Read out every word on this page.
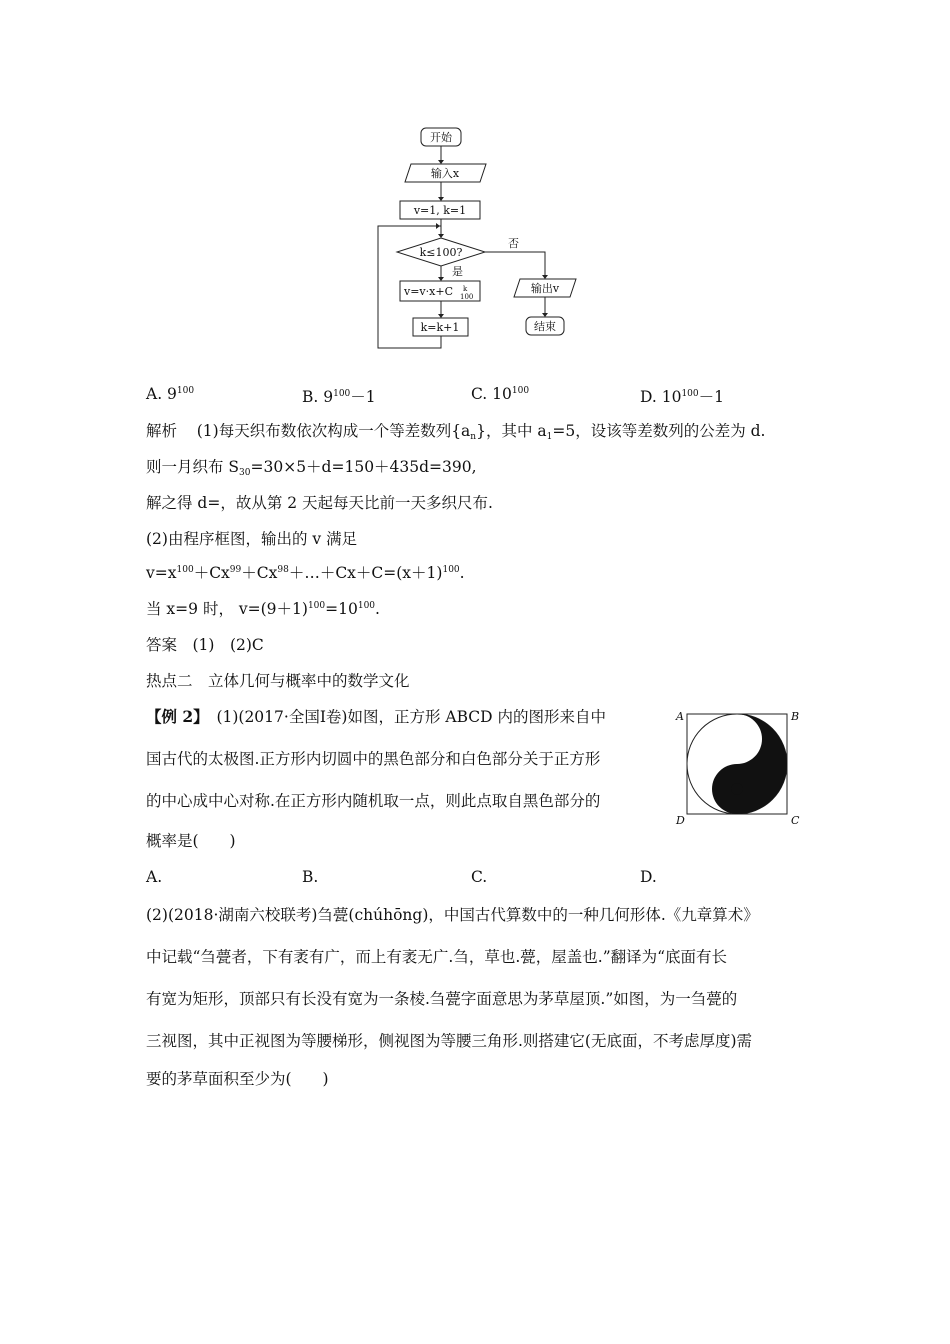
开始
输入x
v=1, k=1
k≤100?
否
是
v=v·x+C k
100
k=k+1
输出v
结束
A. $9^{100}$	B. $9^{100}-1$	C. $10^{100}$	D. $10^{100}-1$
解析 (1)每天织布数依次构成一个等差数列$\{a_n\}$，其中 $a_1=5$，设该等差数列的公差为 d.
则一月织布 $S_{30}=30\times 5+d=150+435d=390$,
解之得 d=，故从第 2 天起每天比前一天多织尺布.
(2)由程序框图，输出的 v 满足
$v=x^{100}+Cx^{99}+Cx^{98}+\dots+Cx+C=(x+1)^{100}$.
当 x=9 时， $v=(9+1)^{100}=10^{100}$.
答案　(1)　(2)C
热点二　立体几何与概率中的数学文化
【例 2】　(1)(2017·全国Ⅰ卷)如图，正方形 ABCD 内的图形来自中
国古代的太极图.正方形内切圆中的黑色部分和白色部分关于正方形
的中心成中心对称.在正方形内随机取一点，则此点取自黑色部分的
概率是(　　)
A	B
D	C
A.	B.	C.	D.
(2)(2018·湖南六校联考)刍甍(chúhōng)，中国古代算数中的一种几何形体.《九章算术》
中记载“刍甍者，下有袤有广，而上有袤无广.刍，草也.甍，屋盖也.”翻译为“底面有长
有宽为矩形，顶部只有长没有宽为一条棱.刍甍字面意思为茅草屋顶.”如图，为一刍甍的
三视图，其中正视图为等腰梯形，侧视图为等腰三角形.则搭建它(无底面，不考虑厚度)需
要的茅草面积至少为(　　)
